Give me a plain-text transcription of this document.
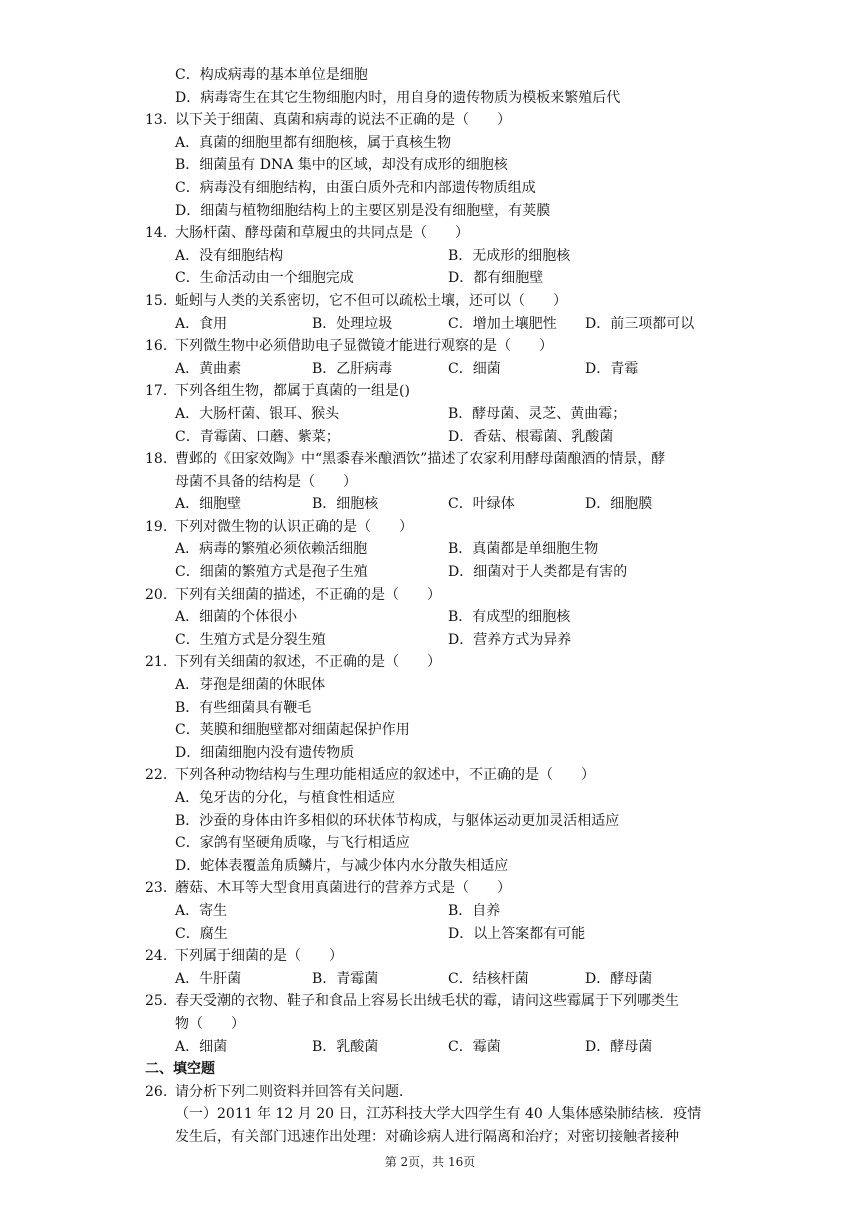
C．构成病毒的基本单位是细胞
D．病毒寄生在其它生物细胞内时，用自身的遗传物质为模板来繁殖后代
13. 以下关于细菌、真菌和病毒的说法不正确的是（　　）
A．真菌的细胞里都有细胞核，属于真核生物
B．细菌虽有 DNA 集中的区域，却没有成形的细胞核
C．病毒没有细胞结构，由蛋白质外壳和内部遗传物质组成
D．细菌与植物细胞结构上的主要区别是没有细胞壁，有荚膜
14. 大肠杆菌、酵母菌和草履虫的共同点是（　　）
A．没有细胞结构	B．无成形的细胞核
C．生命活动由一个细胞完成	D．都有细胞壁
15. 蚯蚓与人类的关系密切，它不但可以疏松土壤，还可以（　　）
A．食用	B．处理垃圾	C．增加土壤肥性 D．前三项都可以
16. 下列微生物中必须借助电子显微镜才能进行观察的是（　　）
A．黄曲素	B．乙肝病毒	C．细菌	D．青霉
17. 下列各组生物，都属于真菌的一组是()
A．大肠杆菌、银耳、猴头	B．酵母菌、灵芝、黄曲霉；
C．青霉菌、口蘑、紫菜；	D．香菇、根霉菌、乳酸菌
18. 曹邺的《田家效陶》中“黑黍春米酿酒饮”描述了农家利用酵母菌酿酒的情景，酵
母菌不具备的结构是（　　）
A．细胞壁	B．细胞核	C．叶绿体	D．细胞膜
19. 下列对微生物的认识正确的是（　　）
A．病毒的繁殖必须依赖活细胞	B．真菌都是单细胞生物
C．细菌的繁殖方式是孢子生殖	D．细菌对于人类都是有害的
20. 下列有关细菌的描述，不正确的是（　　）
A．细菌的个体很小	B．有成型的细胞核
C．生殖方式是分裂生殖	D．营养方式为异养
21. 下列有关细菌的叙述，不正确的是（　　）
A．芽孢是细菌的休眠体
B．有些细菌具有鞭毛
C．荚膜和细胞壁都对细菌起保护作用
D．细菌细胞内没有遗传物质
22. 下列各种动物结构与生理功能相适应的叙述中，不正确的是（　　）
A．兔牙齿的分化，与植食性相适应
B．沙蚕的身体由许多相似的环状体节构成，与躯体运动更加灵活相适应
C．家鸽有坚硬角质喙，与飞行相适应
D．蛇体表覆盖角质鳞片，与减少体内水分散失相适应
23. 蘑菇、木耳等大型食用真菌进行的营养方式是（　　）
A．寄生	B．自养
C．腐生	D．以上答案都有可能
24. 下列属于细菌的是（　　）
A．牛肝菌	B．青霉菌	C．结核杆菌	D．酵母菌
25. 春天受潮的衣物、鞋子和食品上容易长出绒毛状的霉，请问这些霉属于下列哪类生
物（　　）
A．细菌	B．乳酸菌	C．霉菌	D．酵母菌
二、填空题
26. 请分析下列二则资料并回答有关问题．
（一）2011 年 12 月 20 日，江苏科技大学大四学生有 40 人集体感染肺结核．疫情
发生后，有关部门迅速作出处理：对确诊病人进行隔离和治疗；对密切接触者接种
第 2页，共 16页
